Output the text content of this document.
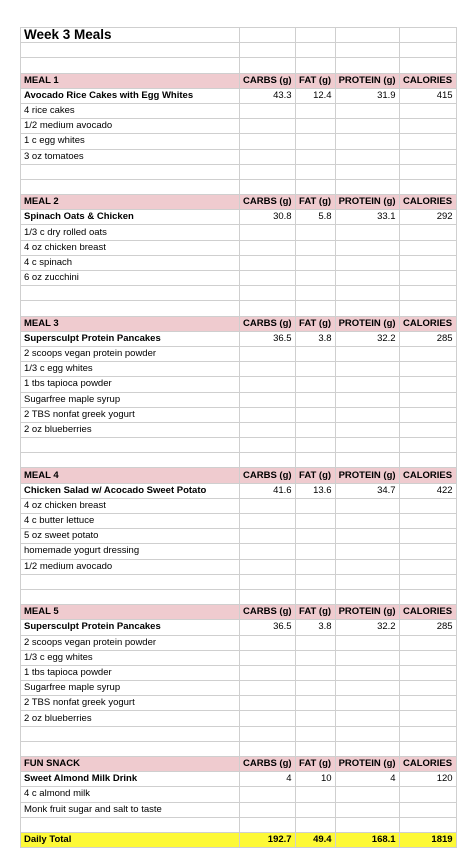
Week 3 Meals				

MEAL 1	CARBS (g)	FAT (g)	PROTEIN (g)	CALORIES
Avocado Rice Cakes with Egg Whites	43.3	12.4	31.9	415
4 rice cakes				
1/2 medium avocado				
1 c egg whites				
3 oz tomatoes				

MEAL 2	CARBS (g)	FAT (g)	PROTEIN (g)	CALORIES
Spinach Oats & Chicken	30.8	5.8	33.1	292
1/3 c dry rolled oats				
4 oz chicken breast				
4 c spinach				
6 oz zucchini				

MEAL 3	CARBS (g)	FAT (g)	PROTEIN (g)	CALORIES
Supersculpt Protein Pancakes	36.5	3.8	32.2	285
2 scoops vegan protein powder				
1/3 c egg whites				
1 tbs tapioca powder				
Sugarfree maple syrup				
2 TBS nonfat greek yogurt				
2 oz blueberries				

MEAL 4	CARBS (g)	FAT (g)	PROTEIN (g)	CALORIES
Chicken Salad w/ Acocado Sweet Potato	41.6	13.6	34.7	422
4 oz chicken breast				
4 c butter lettuce				
5 oz sweet potato				
homemade yogurt dressing				
1/2 medium avocado				

MEAL 5	CARBS (g)	FAT (g)	PROTEIN (g)	CALORIES
Supersculpt Protein Pancakes	36.5	3.8	32.2	285
2 scoops vegan protein powder				
1/3 c egg whites				
1 tbs tapioca powder				
Sugarfree maple syrup				
2 TBS nonfat greek yogurt				
2 oz blueberries				

FUN SNACK	CARBS (g)	FAT (g)	PROTEIN (g)	CALORIES
Sweet Almond Milk Drink	4	10	4	120
4 c almond milk				
Monk fruit sugar and salt to taste				

Daily Total	192.7	49.4	168.1	1819
